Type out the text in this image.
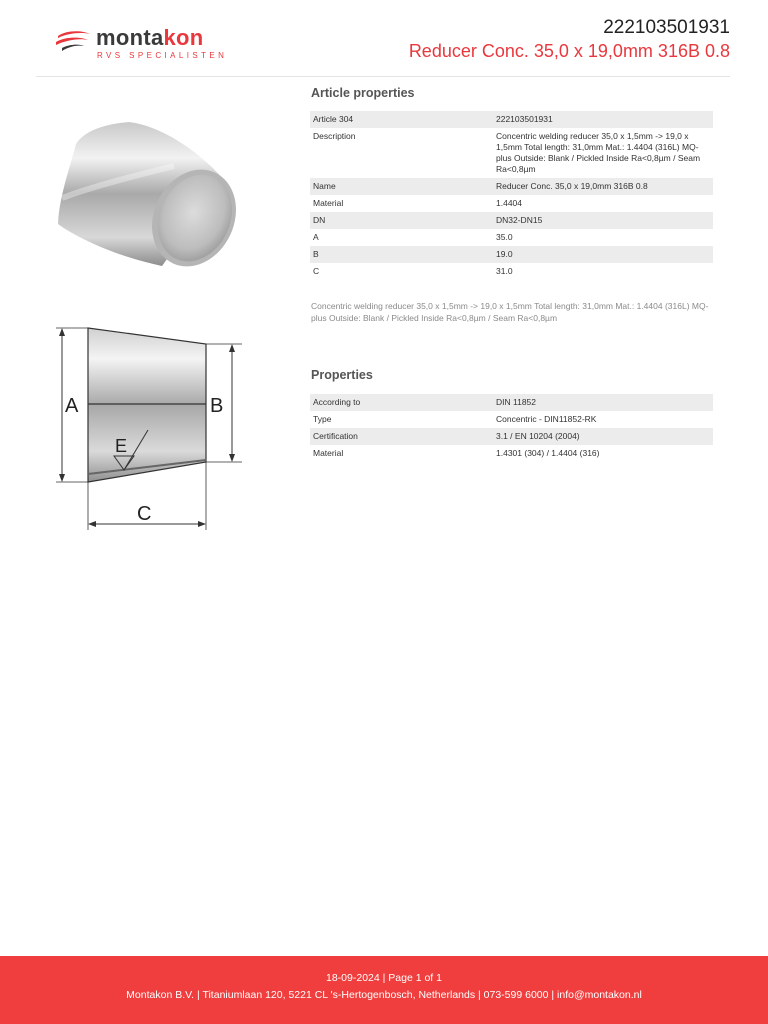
montakon
RVS SPECIALISTEN
222103501931
Reducer Conc. 35,0 x 19,0mm 316B 0.8
A	B
C
E
Article properties
Article 304	222103501931
Description	Concentric welding reducer 35,0 x 1,5mm -> 19,0 x 1,5mm Total length: 31,0mm Mat.: 1.4404 (316L) MQ-plus Outside: Blank / Pickled Inside Ra<0,8µm / Seam Ra<0,8µm
Name	Reducer Conc. 35,0 x 19,0mm 316B 0.8
Material	1.4404
DN	DN32-DN15
A	35.0
B	19.0
C	31.0
Concentric welding reducer 35,0 x 1,5mm -> 19,0 x 1,5mm Total length: 31,0mm Mat.: 1.4404 (316L) MQ-plus Outside: Blank / Pickled Inside Ra<0,8µm / Seam Ra<0,8µm
Properties
According to	DIN 11852
Type	Concentric - DIN11852-RK
Certification	3.1 / EN 10204 (2004)
Material	1.4301 (304) / 1.4404 (316)
18-09-2024 | Page 1 of 1
Montakon B.V. | Titaniumlaan 120, 5221 CL 's-Hertogenbosch, Netherlands | 073-599 6000 | info@montakon.nl
